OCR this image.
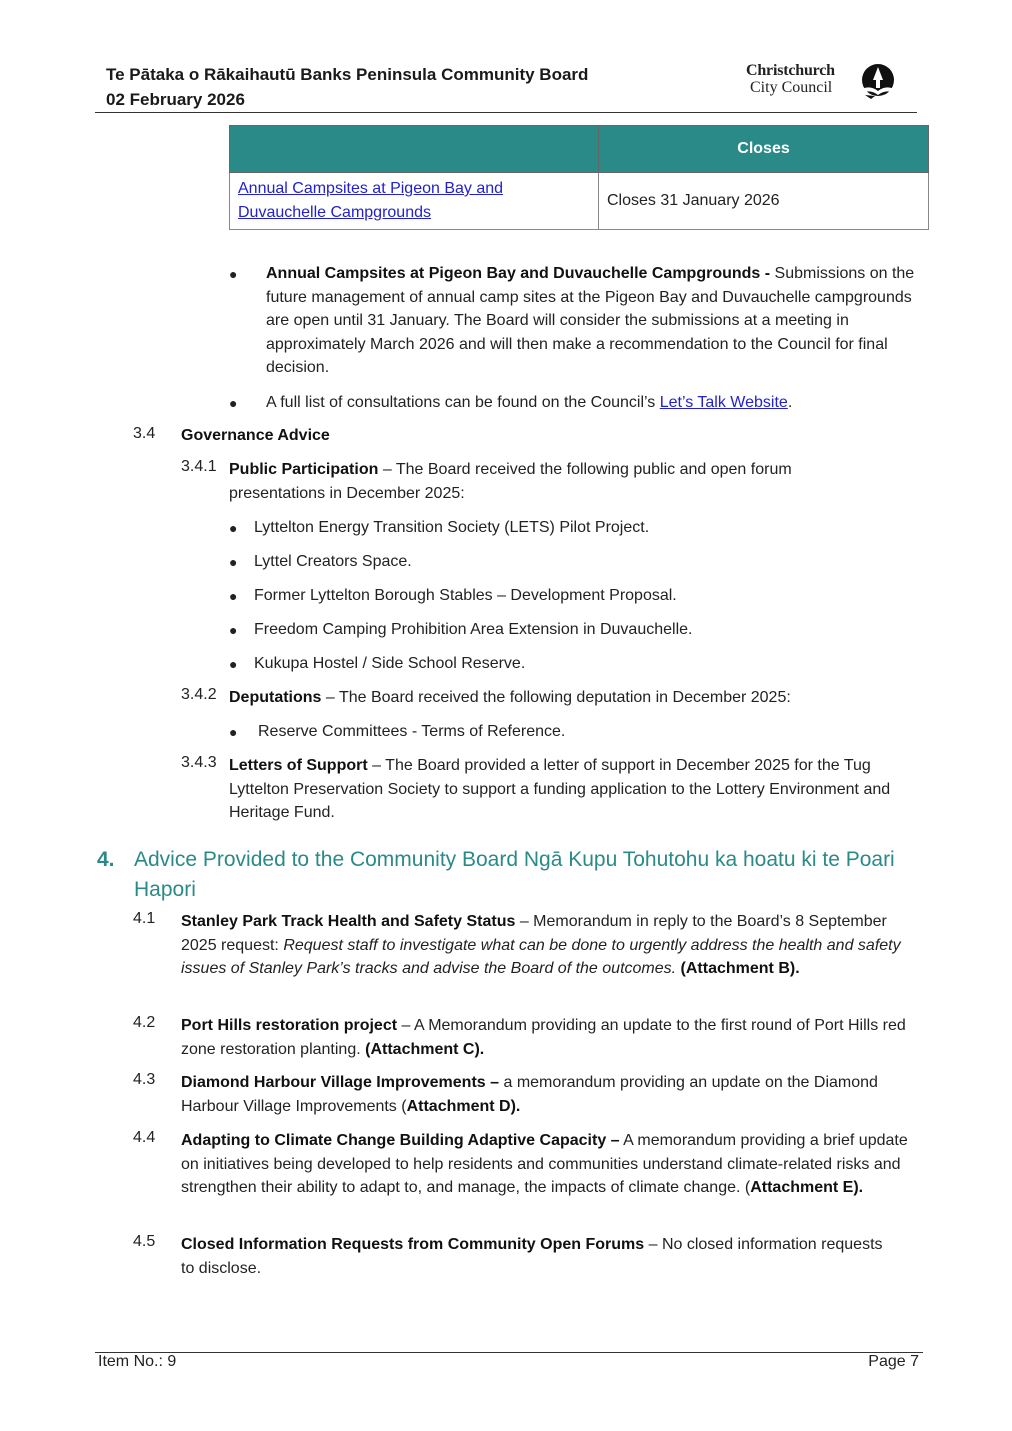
Te Pātaka o Rākaihautū Banks Peninsula Community Board
02 February 2026
Christchurch
City Council
	Closes
Annual Campsites at Pigeon Bay and
Duvauchelle Campgrounds	Closes 31 January 2026
● Annual Campsites at Pigeon Bay and Duvauchelle Campgrounds - Submissions on the future management of annual camp sites at the Pigeon Bay and Duvauchelle campgrounds are open until 31 January. The Board will consider the submissions at a meeting in approximately March 2026 and will then make a recommendation to the Council for final decision.
● A full list of consultations can be found on the Council’s Let’s Talk Website.
3.4 Governance Advice
3.4.1 Public Participation – The Board received the following public and open forum presentations in December 2025:
● Lyttelton Energy Transition Society (LETS) Pilot Project.
● Lyttel Creators Space.
● Former Lyttelton Borough Stables – Development Proposal.
● Freedom Camping Prohibition Area Extension in Duvauchelle.
● Kukupa Hostel / Side School Reserve.
3.4.2 Deputations – The Board received the following deputation in December 2025:
● Reserve Committees - Terms of Reference.
3.4.3 Letters of Support – The Board provided a letter of support in December 2025 for the Tug Lyttelton Preservation Society to support a funding application to the Lottery Environment and Heritage Fund.
4. Advice Provided to the Community Board Ngā Kupu Tohutohu ka hoatu ki te Poari Hapori
4.1 Stanley Park Track Health and Safety Status – Memorandum in reply to the Board’s 8 September 2025 request: Request staff to investigate what can be done to urgently address the health and safety issues of Stanley Park’s tracks and advise the Board of the outcomes. (Attachment B).
4.2 Port Hills restoration project – A Memorandum providing an update to the first round of Port Hills red zone restoration planting. (Attachment C).
4.3 Diamond Harbour Village Improvements – a memorandum providing an update on the Diamond Harbour Village Improvements (Attachment D).
4.4 Adapting to Climate Change Building Adaptive Capacity – A memorandum providing a brief update on initiatives being developed to help residents and communities understand climate-related risks and strengthen their ability to adapt to, and manage, the impacts of climate change. (Attachment E).
4.5 Closed Information Requests from Community Open Forums – No closed information requests to disclose.
Item No.: 9	Page 7
